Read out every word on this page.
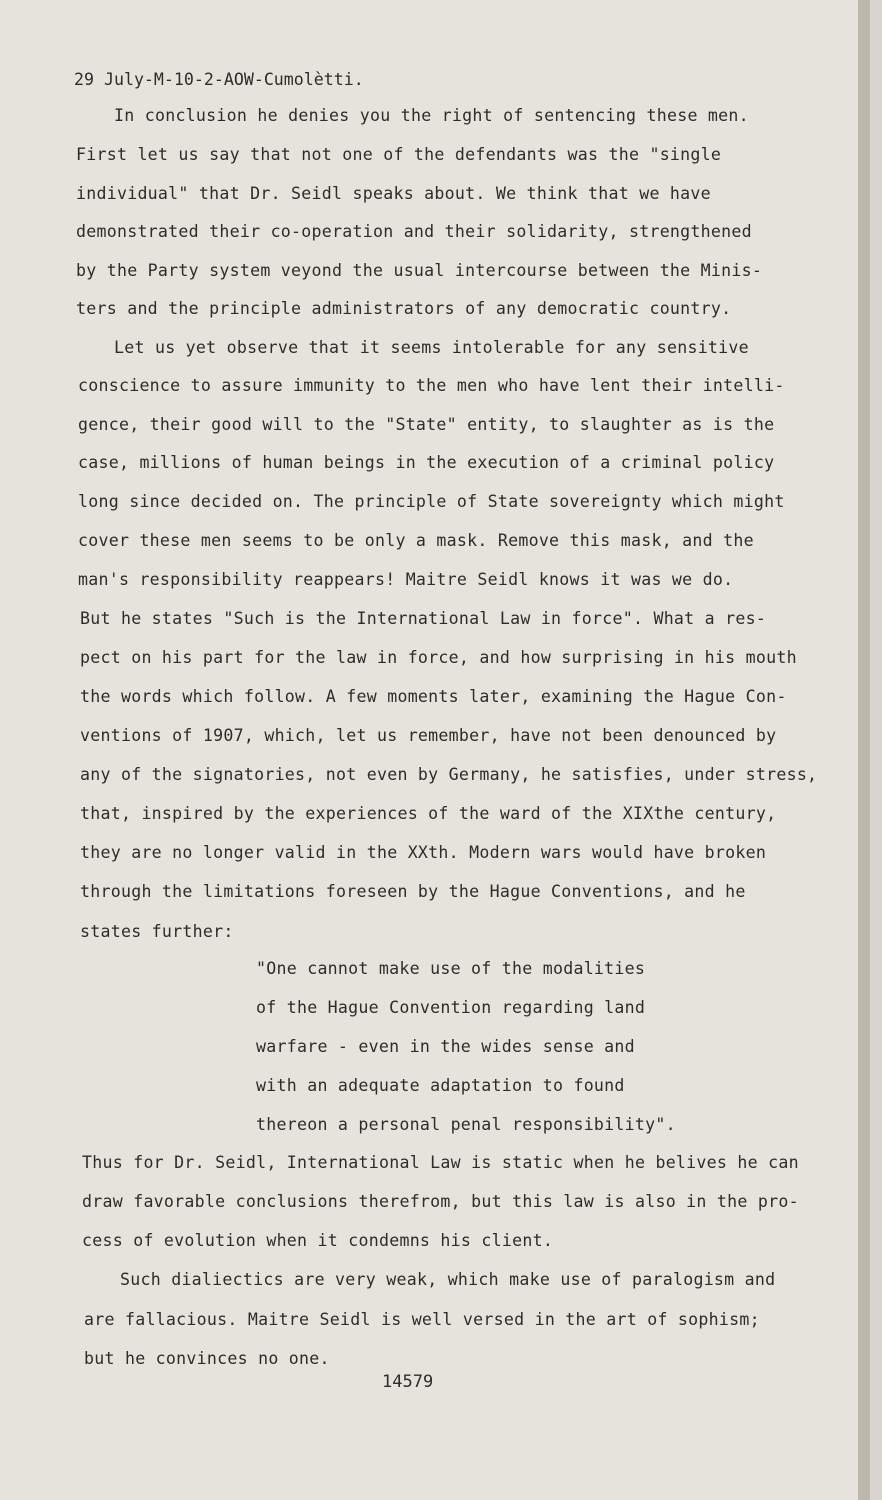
29 July-M-10-2-AOW-Cumolètti.
In conclusion he denies you the right of sentencing these men.
First let us say that not one of the defendants was the "single
individual" that Dr. Seidl speaks about. We think that we have
demonstrated their co-operation and their solidarity, strengthened
by the Party system veyond the usual intercourse between the Minis-
ters and the principle administrators of any democratic country.
Let us yet observe that it seems intolerable for any sensitive
conscience to assure immunity to the men who have lent their intelli-
gence, their good will to the "State" entity, to slaughter as is the
case, millions of human beings in the execution of a criminal policy
long since decided on. The principle of State sovereignty which might
cover these men seems to be only a mask. Remove this mask, and the
man's responsibility reappears! Maitre Seidl knows it was we do.
But he states "Such is the International Law in force". What a res-
pect on his part for the law in force, and how surprising in his mouth
the words which follow. A few moments later, examining the Hague Con-
ventions of 1907, which, let us remember, have not been denounced by
any of the signatories, not even by Germany, he satisfies, under stress,
that, inspired by the experiences of the ward of the XIXthe century,
they are no longer valid in the XXth. Modern wars would have broken
through the limitations foreseen by the Hague Conventions, and he
states further:
"One cannot make use of the modalities
of the Hague Convention regarding land
warfare - even in the wides sense and
with an adequate adaptation to found
thereon a personal penal responsibility".
Thus for Dr. Seidl, International Law is static when he belives he can
draw favorable conclusions therefrom, but this law is also in the pro-
cess of evolution when it condemns his client.
Such dialiectics are very weak, which make use of paralogism and
are fallacious. Maitre Seidl is well versed in the art of sophism;
but he convinces no one.
14579
